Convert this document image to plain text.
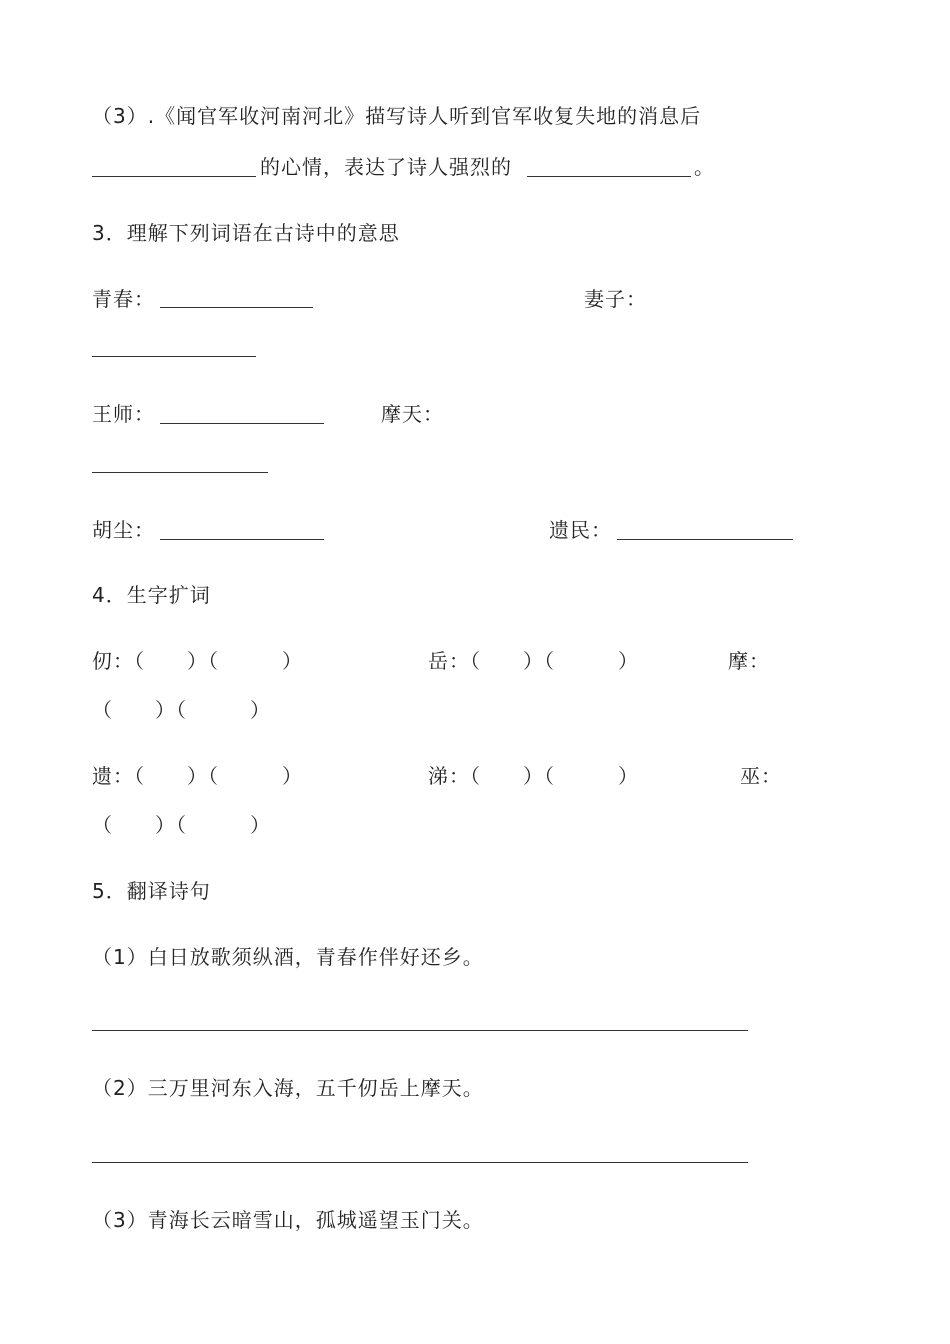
（3）.《闻官军收河南河北》描写诗人听到官军收复失地的消息后
的心情，表达了诗人强烈的	。
3．理解下列词语在古诗中的意思
青春：	妻子：
王师：	摩天：
胡尘：	遗民：
4．生字扩词
仞：（　　）（　　　）	岳：（　　）（　　　）	摩：
（　　）（　　　）
遗：（　　）（　　　）	涕：（　　）（　　　）	巫：
（　　）（　　　）
5．翻译诗句
（1）白日放歌须纵酒，青春作伴好还乡。
（2）三万里河东入海，五千仞岳上摩天。
（3）青海长云暗雪山，孤城遥望玉门关。
